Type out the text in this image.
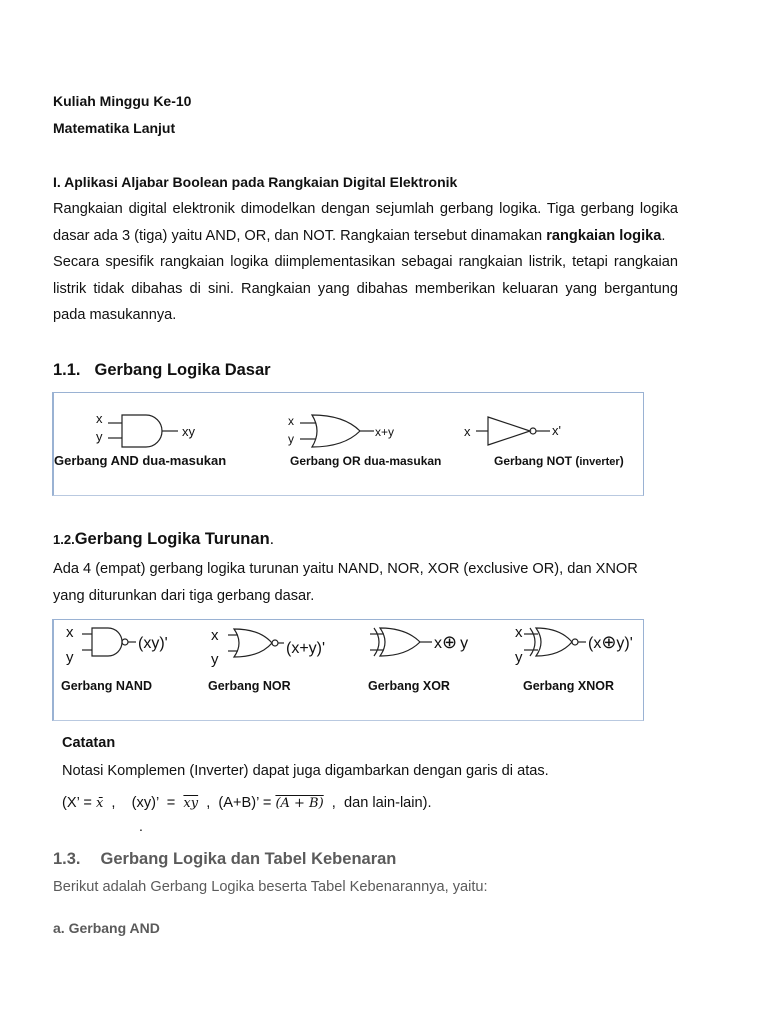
Kuliah Minggu Ke-10
Matematika Lanjut
I. Aplikasi Aljabar Boolean pada Rangkaian Digital Elektronik
Rangkaian digital elektronik dimodelkan dengan sejumlah gerbang logika. Tiga gerbang logika
dasar ada 3 (tiga) yaitu AND, OR, dan NOT. Rangkaian tersebut dinamakan rangkaian logika.
Secara spesifik rangkaian logika diimplementasikan sebagai rangkaian listrik, tetapi rangkaian
listrik tidak dibahas di sini. Rangkaian yang dibahas memberikan keluaran yang bergantung
pada masukannya.
1.1. Gerbang Logika Dasar
x
y	xy
x
y	x+y	x	x'
Gerbang AND dua-masukan	Gerbang OR dua-masukan	Gerbang NOT (inverter)
1.2.Gerbang Logika Turunan.
Ada 4 (empat) gerbang logika turunan yaitu NAND, NOR, XOR (exclusive OR), dan XNOR
yang diturunkan dari tiga gerbang dasar.
x
y
(xy)'	x
y
(x+y)'	x⊕ y
x
y
(x⊕y)'
Gerbang NAND	Gerbang NOR	Gerbang XOR	Gerbang XNOR
Catatan
Notasi Komplemen (Inverter) dapat juga digambarkan dengan garis di atas.
(X’ = x̄  ,    (xy)’  =  $\overline{xy}$  ,  (A+B)’ = (A + B)  ,  dan lain-lain).
.
1.3. Gerbang Logika dan Tabel Kebenaran
Berikut adalah Gerbang Logika beserta Tabel Kebenarannya, yaitu:
a. Gerbang AND
